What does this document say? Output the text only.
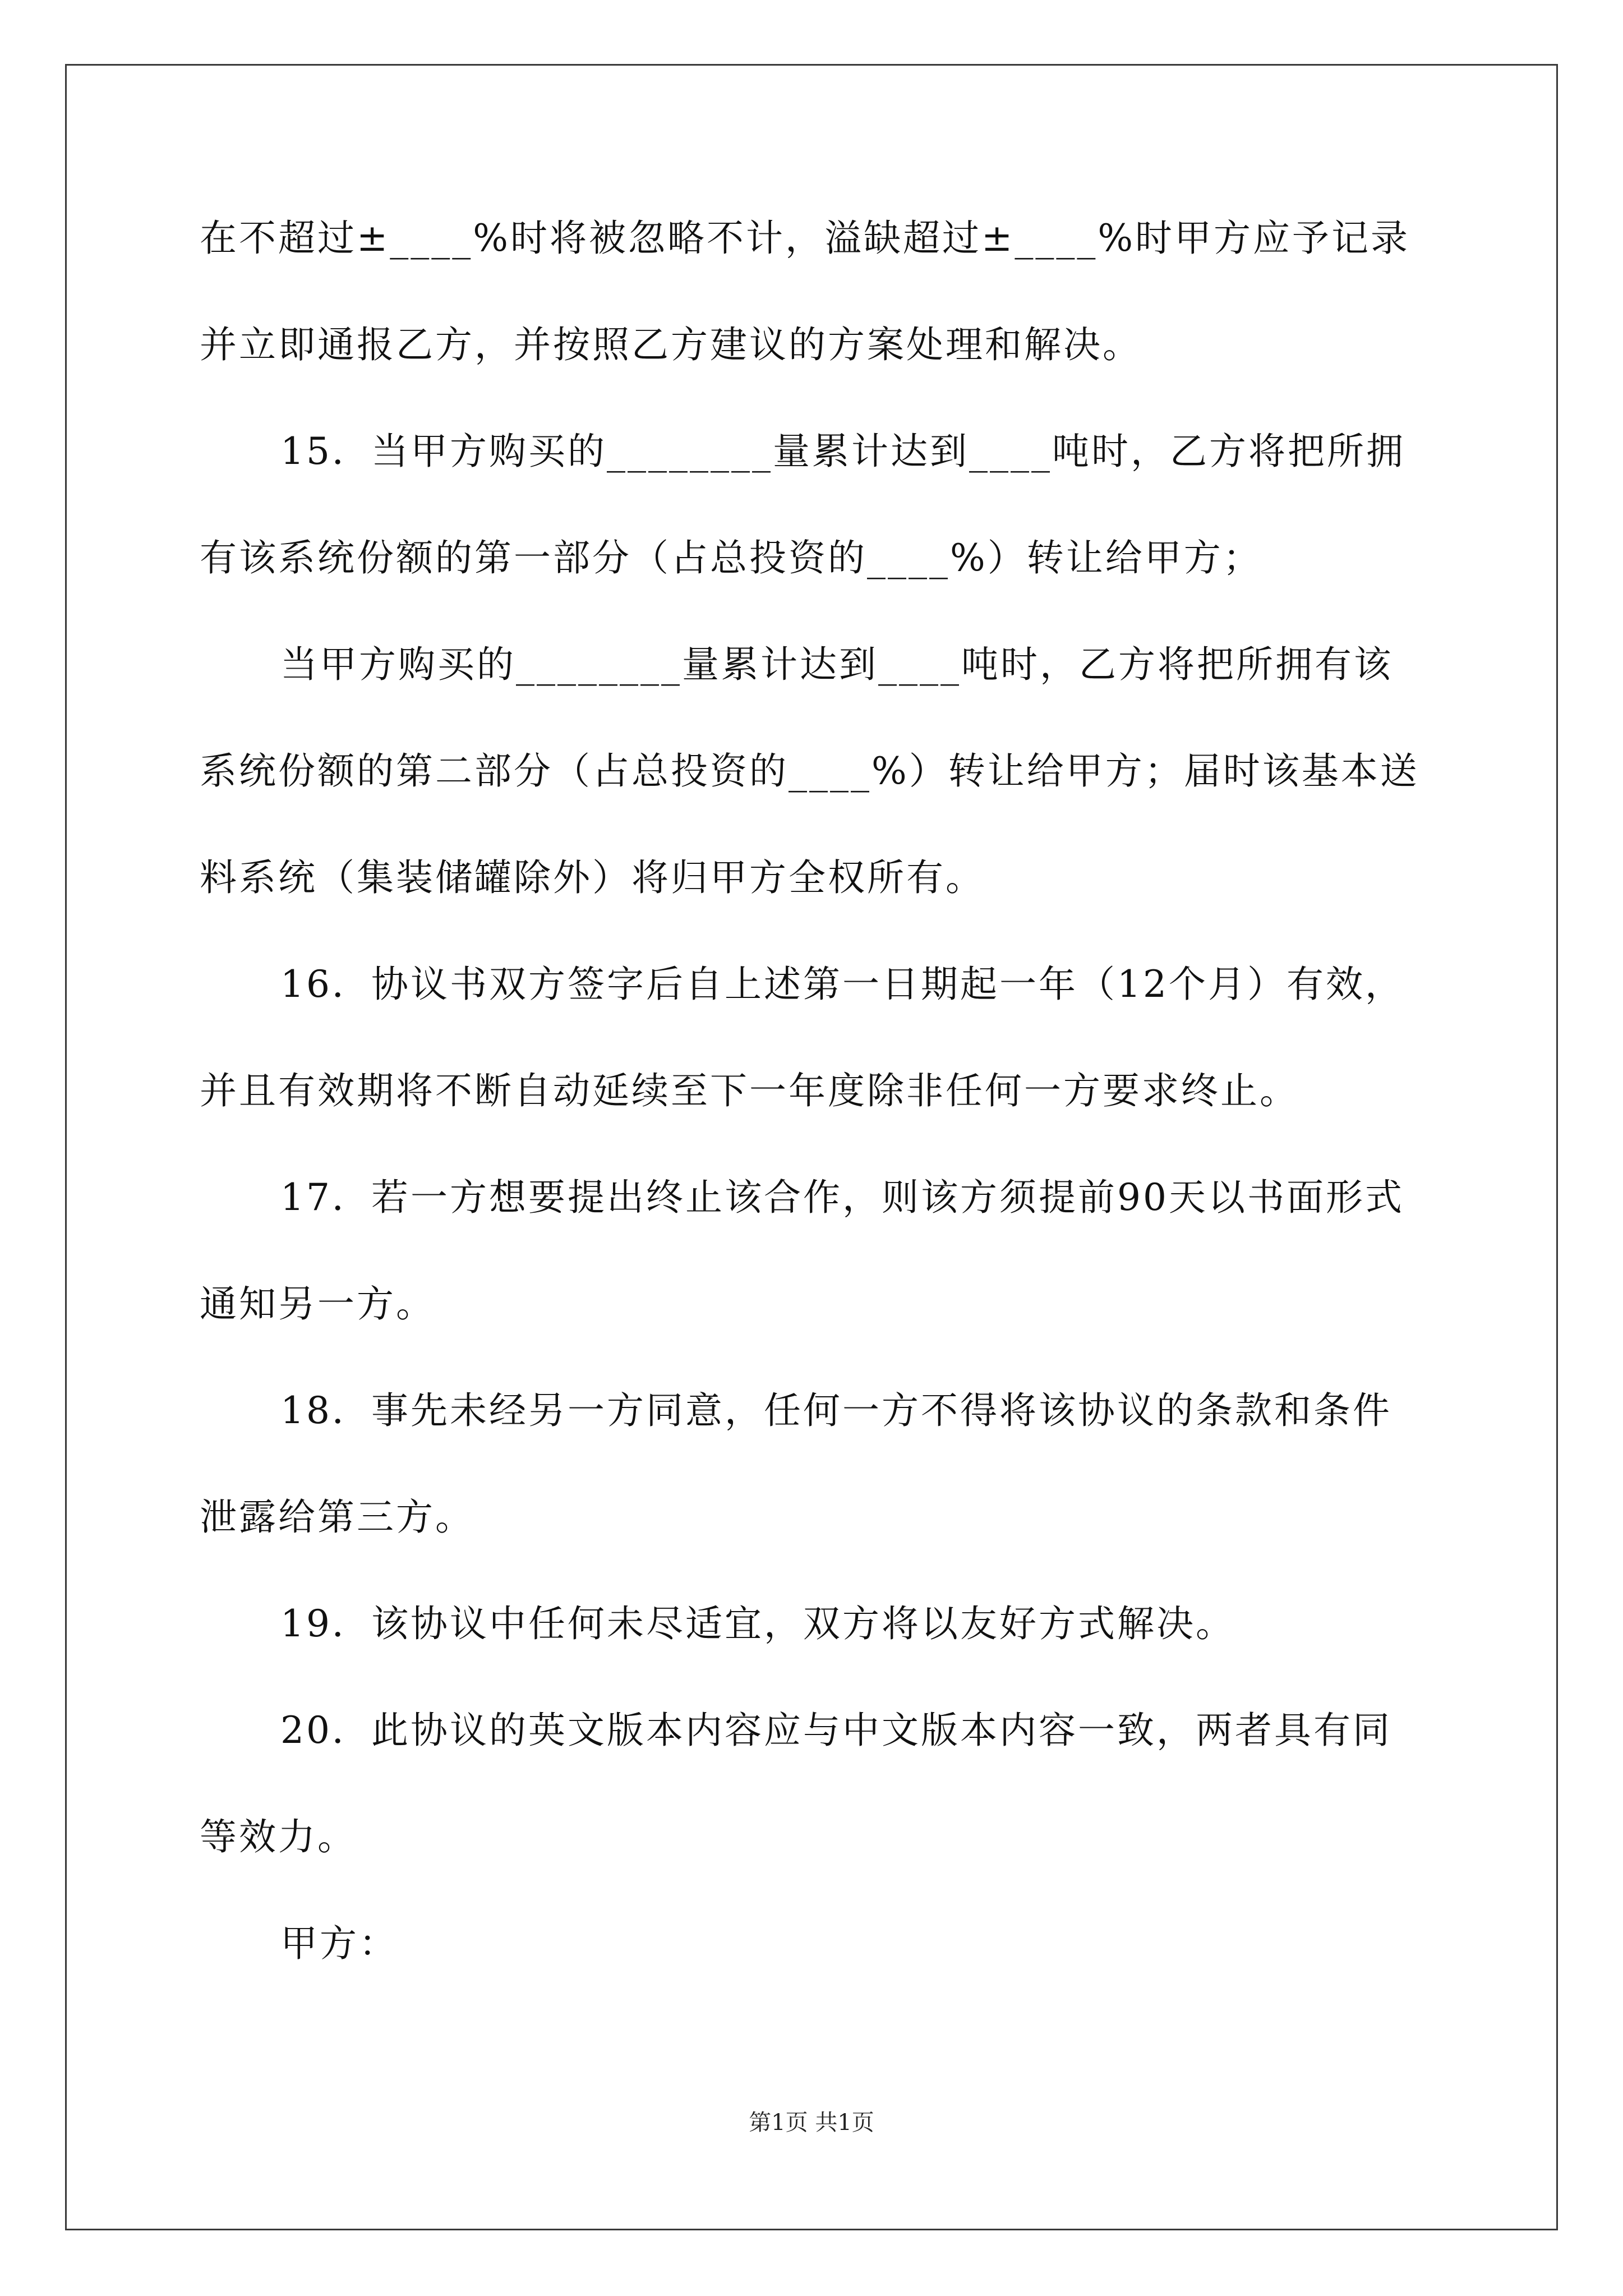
在不超过±____%时将被忽略不计，溢缺超过±____%时甲方应予记录
并立即通报乙方，并按照乙方建议的方案处理和解决。
15．当甲方购买的________量累计达到____吨时，乙方将把所拥
有该系统份额的第一部分（占总投资的____%）转让给甲方；
当甲方购买的________量累计达到____吨时，乙方将把所拥有该
系统份额的第二部分（占总投资的____%）转让给甲方；届时该基本送
料系统（集装储罐除外）将归甲方全权所有。
16．协议书双方签字后自上述第一日期起一年（12个月）有效，
并且有效期将不断自动延续至下一年度除非任何一方要求终止。
17．若一方想要提出终止该合作，则该方须提前90天以书面形式
通知另一方。
18．事先未经另一方同意，任何一方不得将该协议的条款和条件
泄露给第三方。
19．该协议中任何未尽适宜，双方将以友好方式解决。
20．此协议的英文版本内容应与中文版本内容一致，两者具有同
等效力。
甲方：
第1页 共1页
